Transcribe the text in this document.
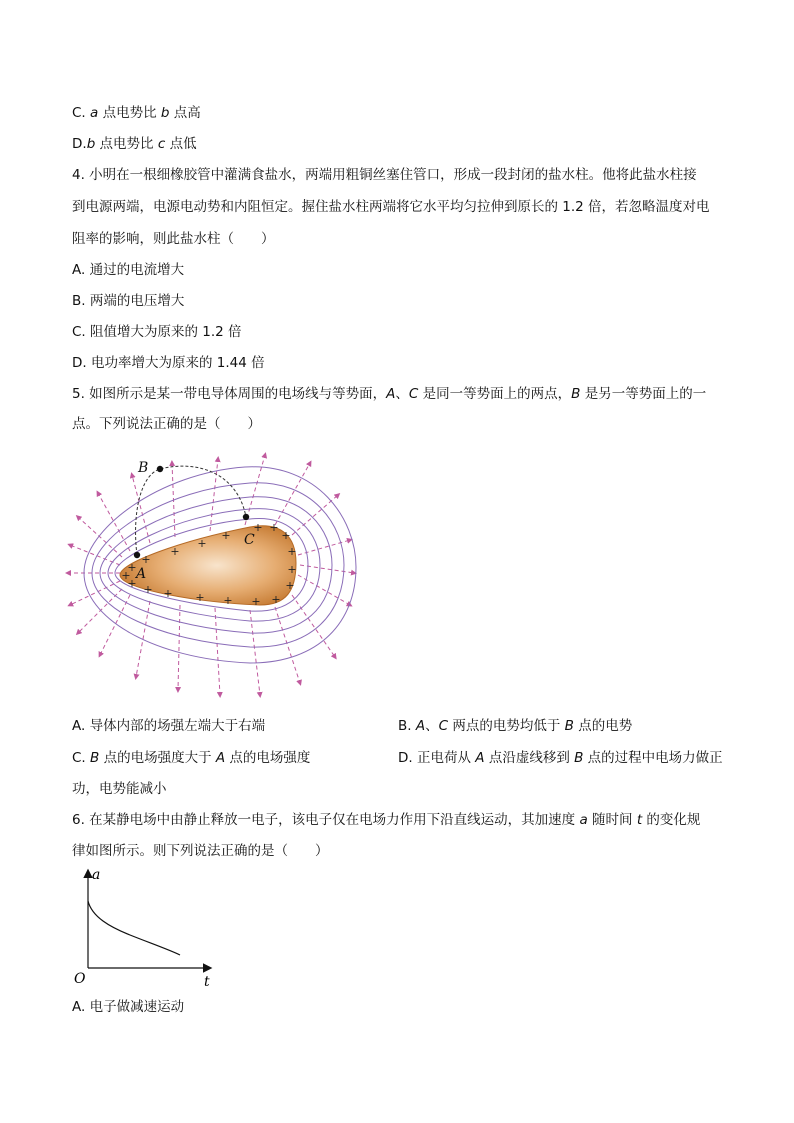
C. a 点电势比 b 点高
D.b 点电势比 c 点低
4. 小明在一根细橡胶管中灌满食盐水，两端用粗铜丝塞住管口，形成一段封闭的盐水柱。他将此盐水柱接
到电源两端，电源电动势和内阻恒定。握住盐水柱两端将它水平均匀拉伸到原长的 1.2 倍，若忽略温度对电
阻率的影响，则此盐水柱（　　）
A. 通过的电流增大
B. 两端的电压增大
C. 阻值增大为原来的 1.2 倍
D. 电功率增大为原来的 1.44 倍
5. 如图所示是某一带电导体周围的电场线与等势面，A、C 是同一等势面上的两点，B 是另一等势面上的一
点。下列说法正确的是（　　）
+
+
+
+
+
+
+
+
+
+
+
+
+
+
+
+
+
+
+
A
B
C
A. 导体内部的场强左端大于右端	B. A、C 两点的电势均低于 B 点的电势
C. B 点的电场强度大于 A 点的电场强度	D. 正电荷从 A 点沿虚线移到 B 点的过程中电场力做正
功，电势能减小
6. 在某静电场中由静止释放一电子，该电子仅在电场力作用下沿直线运动，其加速度 a 随时间 t 的变化规
律如图所示。则下列说法正确的是（　　）
a
t
O
A. 电子做减速运动
